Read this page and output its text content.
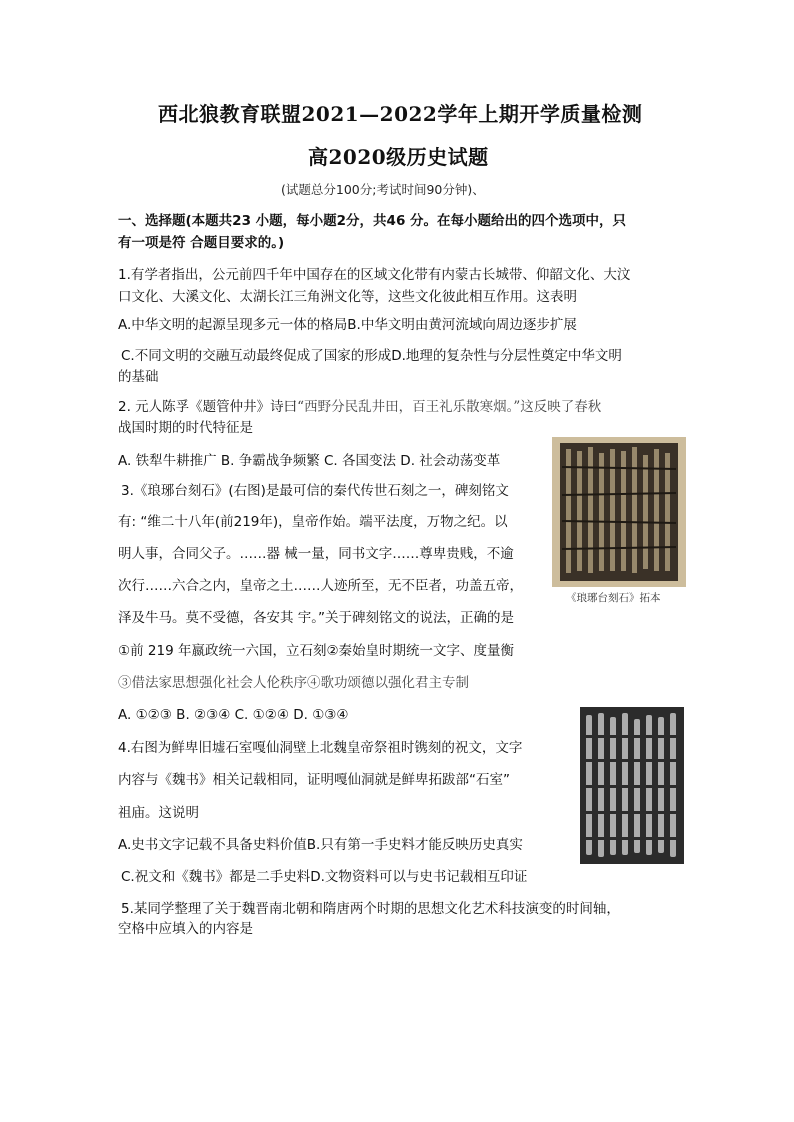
西北狼教育联盟2021—2022学年上期开学质量检测
高2020级历史试题
(试题总分100分;考试时间90分钟)、
一、选择题(本题共23 小题，每小题2分，共46 分。在每小题给出的四个选项中，只
有一项是符 合题目要求的。)
1.有学者指出，公元前四千年中国存在的区域文化带有内蒙古长城带、仰韶文化、大汶
口文化、大溪文化、太湖长江三角洲文化等，这些文化彼此相互作用。这表明
A.中华文明的起源呈现多元一体的格局B.中华文明由黄河流域向周边逐步扩展
C.不同文明的交融互动最终促成了国家的形成D.地理的复杂性与分层性奠定中华文明
的基础
2. 元人陈孚《题管仲井》诗曰“西野分民乱井田，百王礼乐散寒烟。”这反映了春秋
战国时期的时代特征是
A. 铁犁牛耕推广 B. 争霸战争频繁 C. 各国变法 D. 社会动荡变革
3.《琅琊台刻石》(右图)是最可信的秦代传世石刻之一，碑刻铭文
有: “维二十八年(前219年)，皇帝作始。端平法度，万物之纪。以
明人事，合同父子。……器 械一量，同书文字……尊卑贵贱，不逾
次行……六合之内，皇帝之土……人迹所至，无不臣者，功盖五帝，
泽及牛马。莫不受德，各安其 宇。”关于碑刻铭文的说法，正确的是
①前 219 年嬴政统一六国，立石刻②秦始皇时期统一文字、度量衡
③借法家思想强化社会人伦秩序④歌功颂德以强化君主专制
A. ①②③ B. ②③④ C. ①②④ D. ①③④
《琅琊台刻石》拓本
4.右图为鲜卑旧墟石室嘎仙洞壁上北魏皇帝祭祖时镌刻的祝文，文字
内容与《魏书》相关记载相同，证明嘎仙洞就是鲜卑拓跋部“石室”
祖庙。这说明
A.史书文字记载不具备史料价值B.只有第一手史料才能反映历史真实
C.祝文和《魏书》都是二手史料D.文物资料可以与史书记载相互印证
5.某同学整理了关于魏晋南北朝和隋唐两个时期的思想文化艺术科技演变的时间轴，
空格中应填入的内容是
